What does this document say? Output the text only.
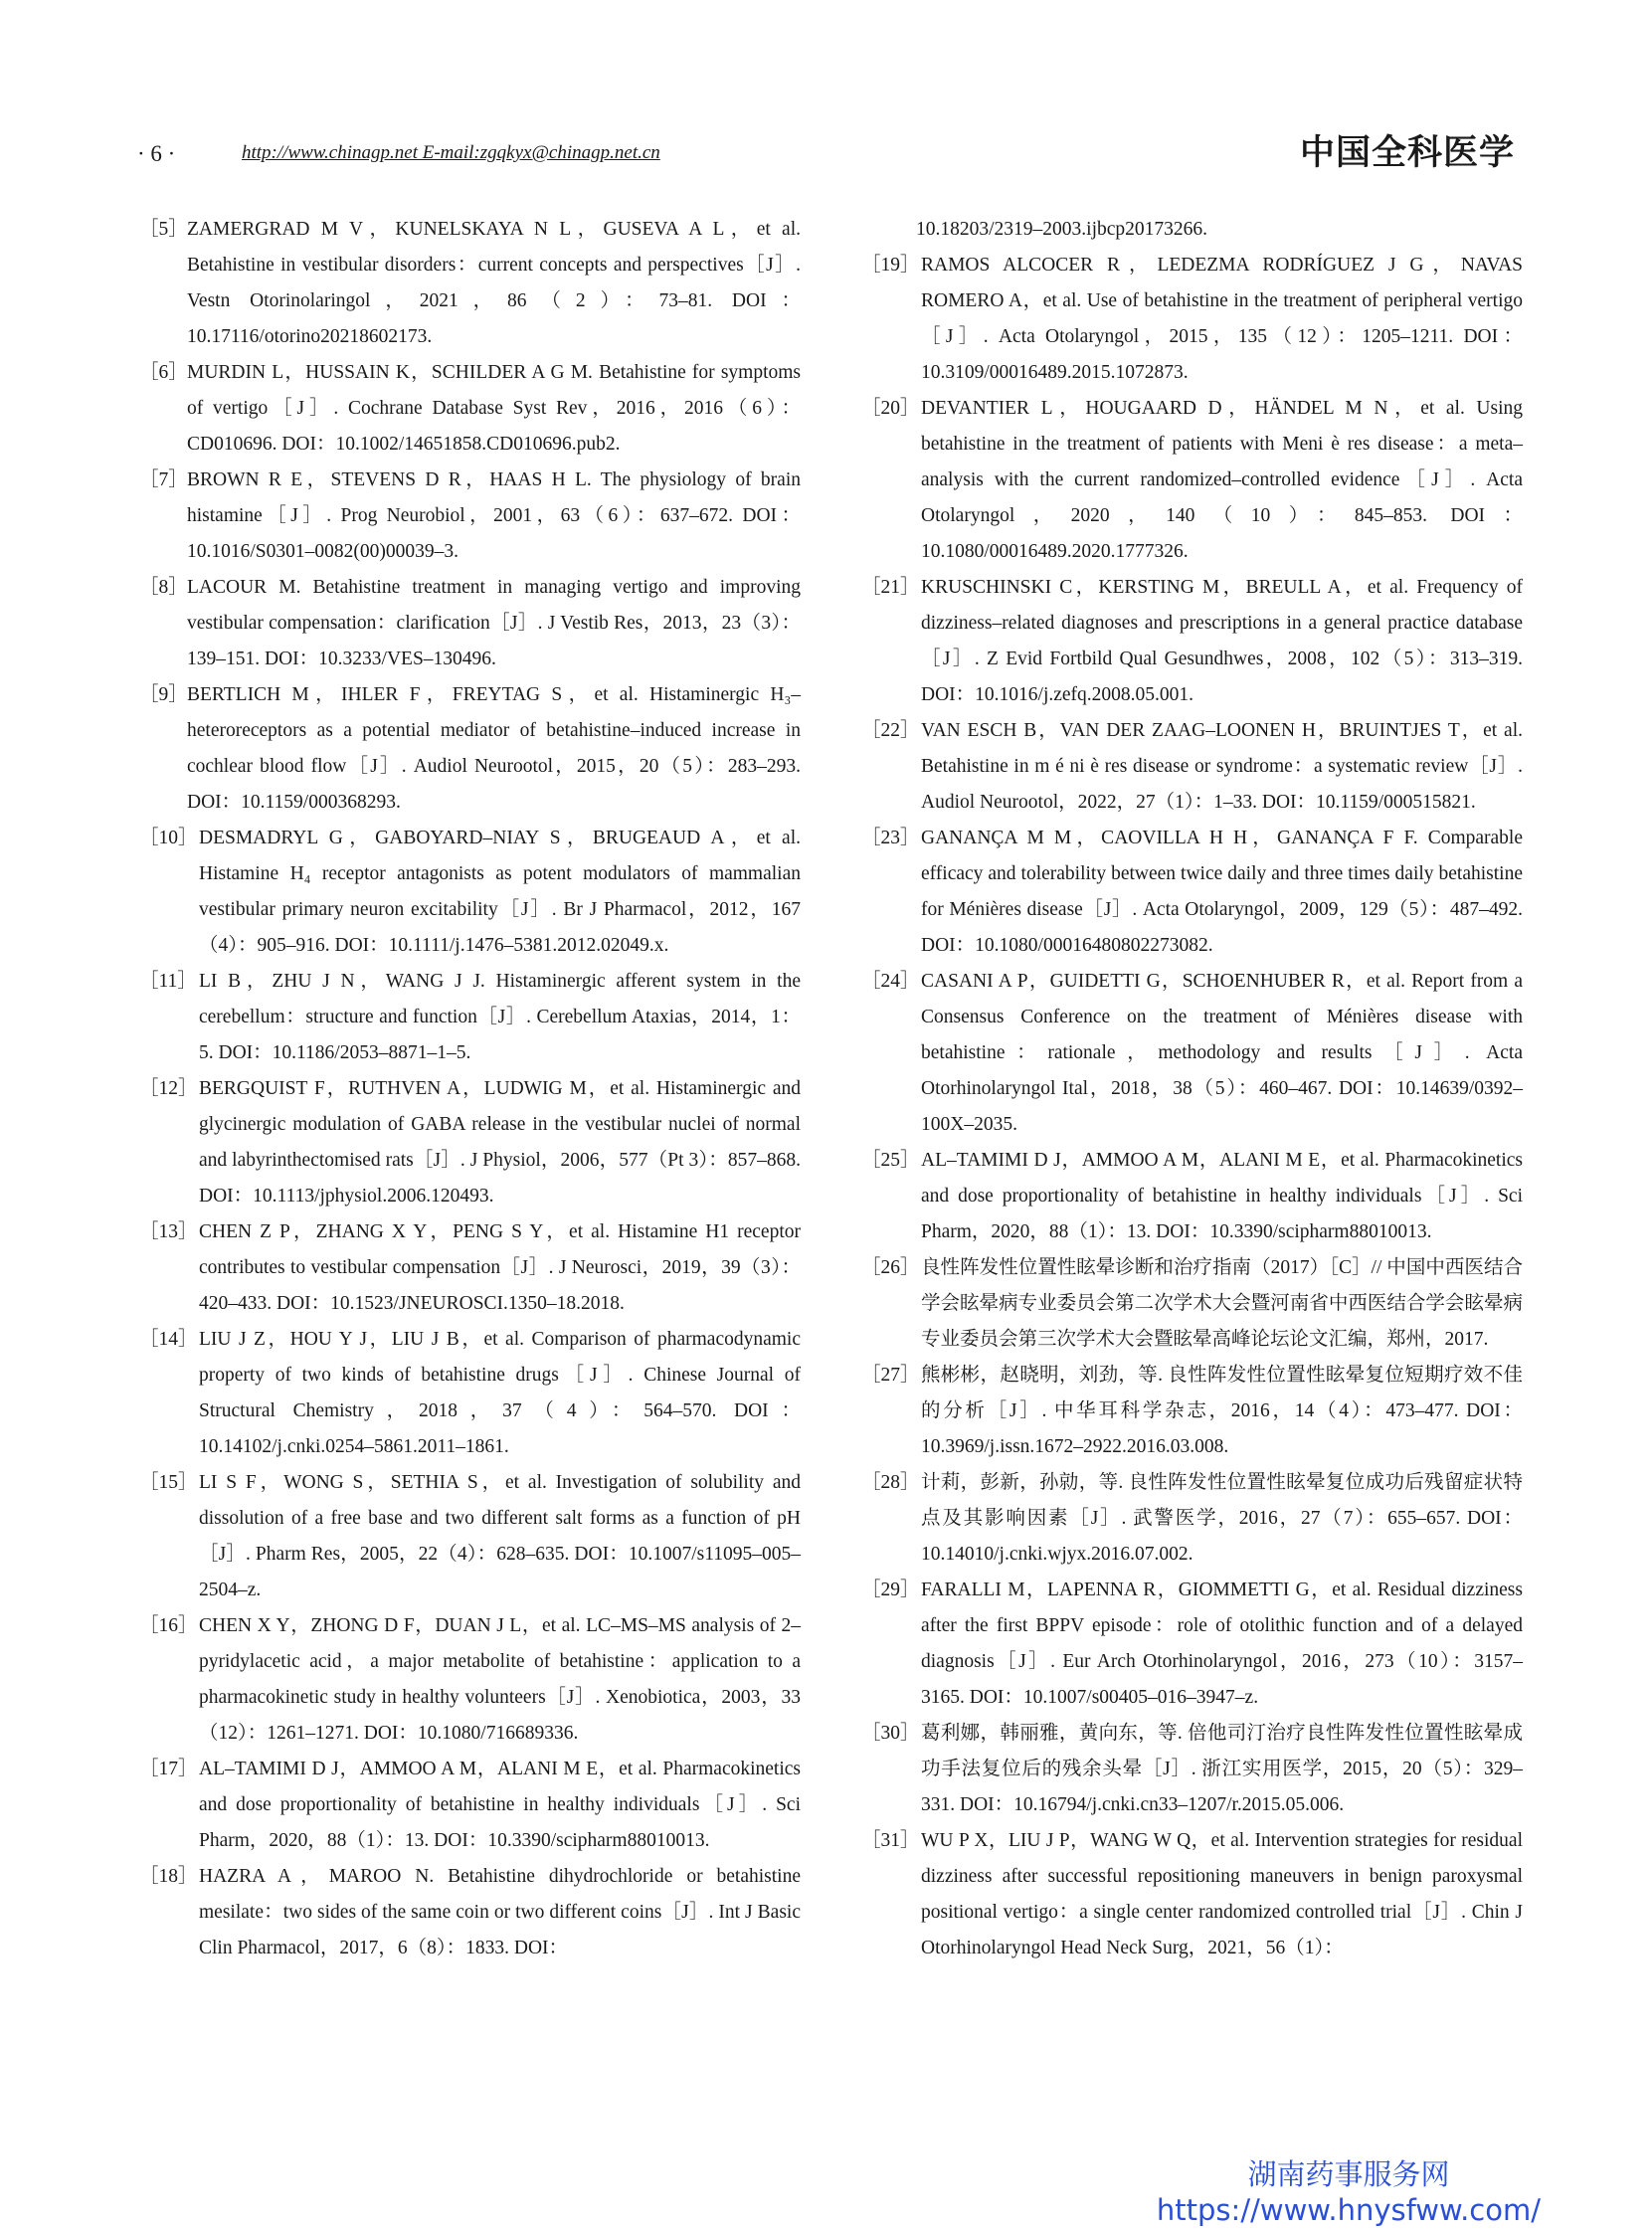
· 6 ·	http://www.chinagp.net E-mail:zgqkyx@chinagp.net.cn	中国全科医学
［5］ ZAMERGRAD M V，KUNELSKAYA N L，GUSEVA A L，et al. Betahistine in vestibular disorders：current concepts and perspectives［J］. Vestn Otorinolaringol，2021，86（2）：73–81. DOI：10.17116/otorino20218602173.
［6］ MURDIN L，HUSSAIN K，SCHILDER A G M. Betahistine for symptoms of vertigo［J］. Cochrane Database Syst Rev，2016，2016（6）：CD010696. DOI：10.1002/14651858.CD010696.pub2.
［7］ BROWN R E，STEVENS D R，HAAS H L. The physiology of brain histamine［J］. Prog Neurobiol，2001，63（6）：637–672. DOI：10.1016/S0301–0082(00)00039–3.
［8］ LACOUR M. Betahistine treatment in managing vertigo and improving vestibular compensation：clarification［J］. J Vestib Res，2013，23（3）：139–151. DOI：10.3233/VES–130496.
［9］ BERTLICH M，IHLER F，FREYTAG S，et al. Histaminergic H₃–heteroreceptors as a potential mediator of betahistine–induced increase in cochlear blood flow［J］. Audiol Neurootol，2015，20（5）：283–293. DOI：10.1159/000368293.
［10］ DESMADRYL G，GABOYARD–NIAY S，BRUGEAUD A，et al. Histamine H₄ receptor antagonists as potent modulators of mammalian vestibular primary neuron excitability［J］. Br J Pharmacol，2012，167（4）：905–916. DOI：10.1111/j.1476–5381.2012.02049.x.
［11］ LI B，ZHU J N，WANG J J. Histaminergic afferent system in the cerebellum：structure and function［J］. Cerebellum Ataxias，2014，1：5. DOI：10.1186/2053–8871–1–5.
［12］ BERGQUIST F，RUTHVEN A，LUDWIG M，et al. Histaminergic and glycinergic modulation of GABA release in the vestibular nuclei of normal and labyrinthectomised rats［J］. J Physiol，2006，577（Pt 3）：857–868. DOI：10.1113/jphysiol.2006.120493.
［13］ CHEN Z P，ZHANG X Y，PENG S Y，et al. Histamine H1 receptor contributes to vestibular compensation［J］. J Neurosci，2019，39（3）：420–433. DOI：10.1523/JNEUROSCI.1350–18.2018.
［14］ LIU J Z，HOU Y J，LIU J B，et al. Comparison of pharmacodynamic property of two kinds of betahistine drugs［J］. Chinese Journal of Structural Chemistry，2018，37（4）：564–570. DOI：10.14102/j.cnki.0254–5861.2011–1861.
［15］ LI S F，WONG S，SETHIA S，et al. Investigation of solubility and dissolution of a free base and two different salt forms as a function of pH［J］. Pharm Res，2005，22（4）：628–635. DOI：10.1007/s11095–005–2504–z.
［16］ CHEN X Y，ZHONG D F，DUAN J L，et al. LC–MS–MS analysis of 2–pyridylacetic acid，a major metabolite of betahistine：application to a pharmacokinetic study in healthy volunteers［J］. Xenobiotica，2003，33（12）：1261–1271. DOI：10.1080/716689336.
［17］ AL–TAMIMI D J，AMMOO A M，ALANI M E，et al. Pharmacokinetics and dose proportionality of betahistine in healthy individuals［J］. Sci Pharm，2020，88（1）：13. DOI：10.3390/scipharm88010013.
［18］ HAZRA A，MAROO N. Betahistine dihydrochloride or betahistine mesilate：two sides of the same coin or two different coins［J］. Int J Basic Clin Pharmacol，2017，6（8）：1833. DOI：
10.18203/2319–2003.ijbcp20173266.
［19］ RAMOS ALCOCER R，LEDEZMA RODRÍGUEZ J G，NAVAS ROMERO A，et al. Use of betahistine in the treatment of peripheral vertigo［J］. Acta Otolaryngol，2015，135（12）：1205–1211. DOI：10.3109/00016489.2015.1072873.
［20］ DEVANTIER L，HOUGAARD D，HÄNDEL M N，et al. Using betahistine in the treatment of patients with Meni è res disease：a meta–analysis with the current randomized–controlled evidence［J］. Acta Otolaryngol，2020，140（10）：845–853. DOI：10.1080/00016489.2020.1777326.
［21］ KRUSCHINSKI C，KERSTING M，BREULL A，et al. Frequency of dizziness–related diagnoses and prescriptions in a general practice database［J］. Z Evid Fortbild Qual Gesundhwes，2008，102（5）：313–319. DOI：10.1016/j.zefq.2008.05.001.
［22］ VAN ESCH B，VAN DER ZAAG–LOONEN H，BRUINTJES T，et al. Betahistine in m é ni è res disease or syndrome：a systematic review［J］. Audiol Neurootol，2022，27（1）：1–33. DOI：10.1159/000515821.
［23］ GANANÇA M M，CAOVILLA H H，GANANÇA F F. Comparable efficacy and tolerability between twice daily and three times daily betahistine for Ménières disease［J］. Acta Otolaryngol，2009，129（5）：487–492. DOI：10.1080/00016480802273082.
［24］ CASANI A P，GUIDETTI G，SCHOENHUBER R，et al. Report from a Consensus Conference on the treatment of Ménières disease with betahistine：rationale，methodology and results［J］. Acta Otorhinolaryngol Ital，2018，38（5）：460–467. DOI：10.14639/0392–100X–2035.
［25］ AL–TAMIMI D J，AMMOO A M，ALANI M E，et al. Pharmacokinetics and dose proportionality of betahistine in healthy individuals［J］. Sci Pharm，2020，88（1）：13. DOI：10.3390/scipharm88010013.
［26］ 良性阵发性位置性眩晕诊断和治疗指南（2017）［C］// 中国中西医结合学会眩晕病专业委员会第二次学术大会暨河南省中西医结合学会眩晕病专业委员会第三次学术大会暨眩晕高峰论坛论文汇编，郑州，2017.
［27］ 熊彬彬，赵晓明，刘劲，等. 良性阵发性位置性眩晕复位短期疗效不佳的分析［J］. 中华耳科学杂志，2016，14（4）：473–477. DOI：10.3969/j.issn.1672–2922.2016.03.008.
［28］ 计莉，彭新，孙勍，等. 良性阵发性位置性眩晕复位成功后残留症状特点及其影响因素［J］. 武警医学，2016，27（7）：655–657. DOI：10.14010/j.cnki.wjyx.2016.07.002.
［29］ FARALLI M，LAPENNA R，GIOMMETTI G，et al. Residual dizziness after the first BPPV episode：role of otolithic function and of a delayed diagnosis［J］. Eur Arch Otorhinolaryngol，2016，273（10）：3157–3165. DOI：10.1007/s00405–016–3947–z.
［30］ 葛利娜，韩丽雅，黄向东，等. 倍他司汀治疗良性阵发性位置性眩晕成功手法复位后的残余头晕［J］. 浙江实用医学，2015，20（5）：329–331. DOI：10.16794/j.cnki.cn33–1207/r.2015.05.006.
［31］ WU P X，LIU J P，WANG W Q，et al. Intervention strategies for residual dizziness after successful repositioning maneuvers in benign paroxysmal positional vertigo：a single center randomized controlled trial［J］. Chin J Otorhinolaryngol Head Neck Surg，2021，56（1）：
湖南药事服务网
https://www.hnysfww.com/
